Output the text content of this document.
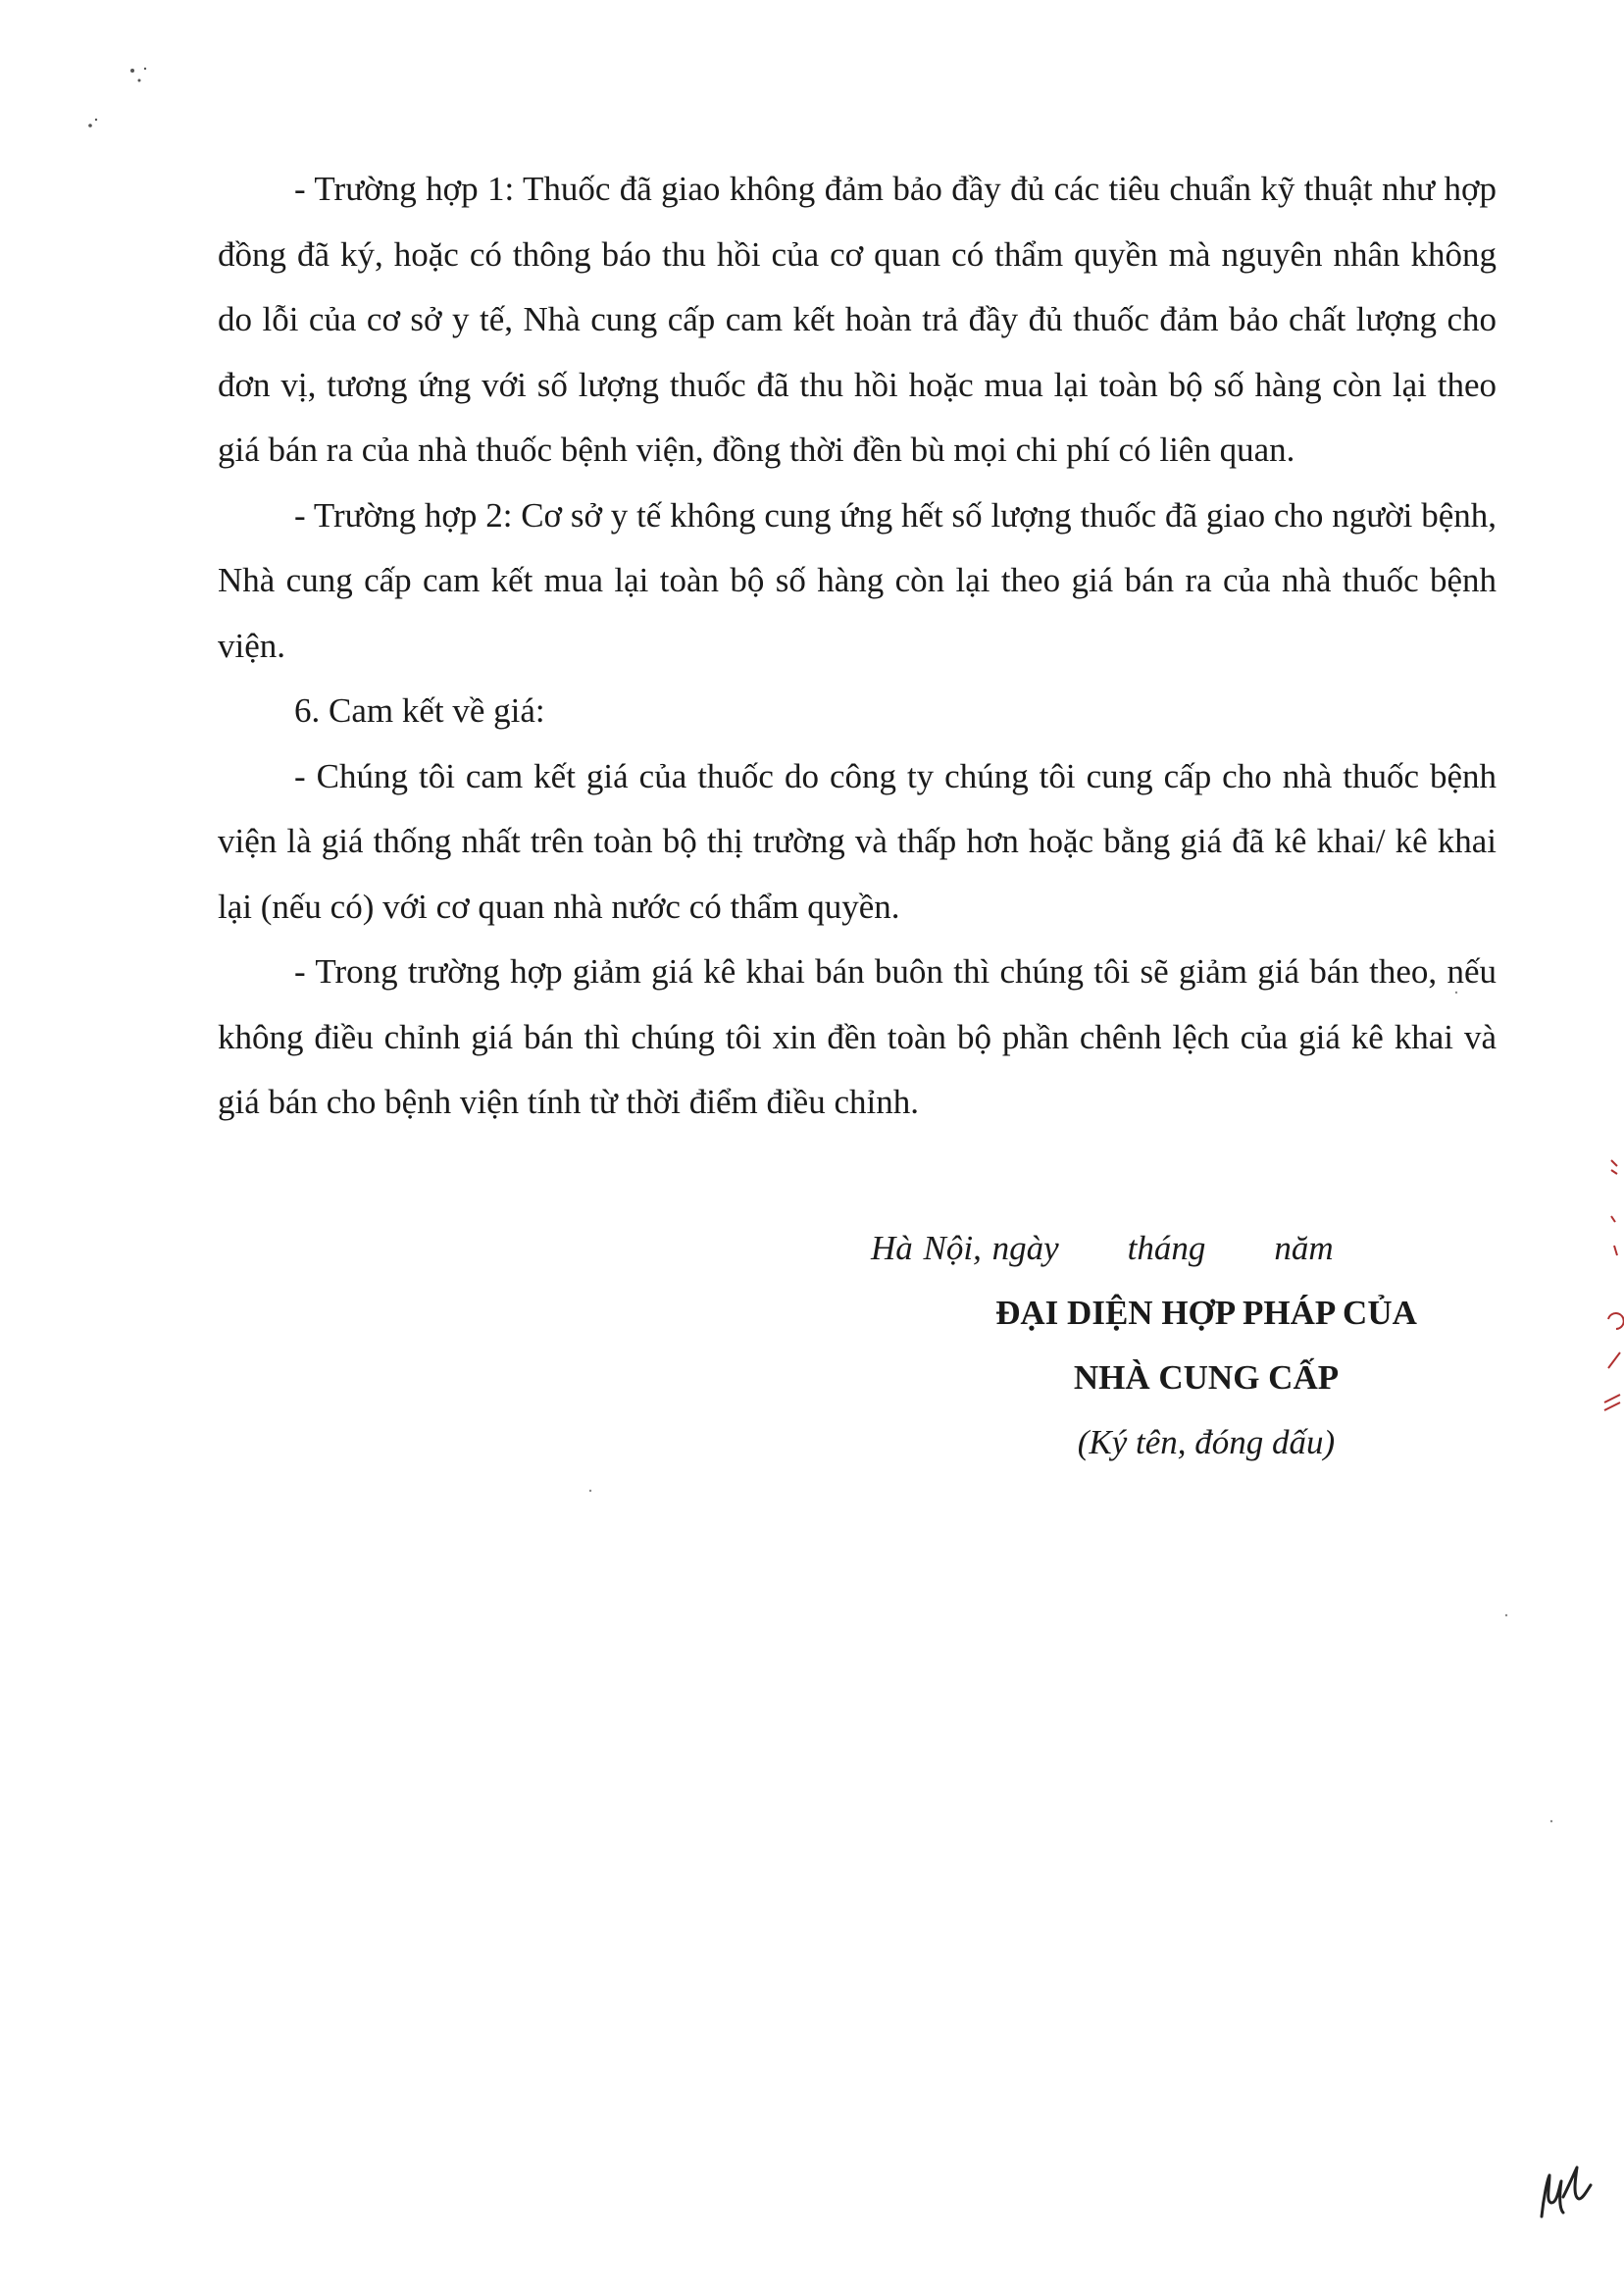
- Trường hợp 1: Thuốc đã giao không đảm bảo đầy đủ các tiêu chuẩn kỹ thuật như hợp đồng đã ký, hoặc có thông báo thu hồi của cơ quan có thẩm quyền mà nguyên nhân không do lỗi của cơ sở y tế, Nhà cung cấp cam kết hoàn trả đầy đủ thuốc đảm bảo chất lượng cho đơn vị, tương ứng với số lượng thuốc đã thu hồi hoặc mua lại toàn bộ số hàng còn lại theo giá bán ra của nhà thuốc bệnh viện, đồng thời đền bù mọi chi phí có liên quan.

- Trường hợp 2: Cơ sở y tế không cung ứng hết số lượng thuốc đã giao cho người bệnh, Nhà cung cấp cam kết mua lại toàn bộ số hàng còn lại theo giá bán ra của nhà thuốc bệnh viện.

6. Cam kết về giá:

- Chúng tôi cam kết giá của thuốc do công ty chúng tôi cung cấp cho nhà thuốc bệnh viện là giá thống nhất trên toàn bộ thị trường và thấp hơn hoặc bằng giá đã kê khai/ kê khai lại (nếu có) với cơ quan nhà nước có thẩm quyền.

- Trong trường hợp giảm giá kê khai bán buôn thì chúng tôi sẽ giảm giá bán theo, nếu không điều chỉnh giá bán thì chúng tôi xin đền toàn bộ phần chênh lệch của giá kê khai và giá bán cho bệnh viện tính từ thời điểm điều chỉnh.

Hà Nội, ngày tháng năm
ĐẠI DIỆN HỢP PHÁP CỦA
NHÀ CUNG CẤP
(Ký tên, đóng dấu)
